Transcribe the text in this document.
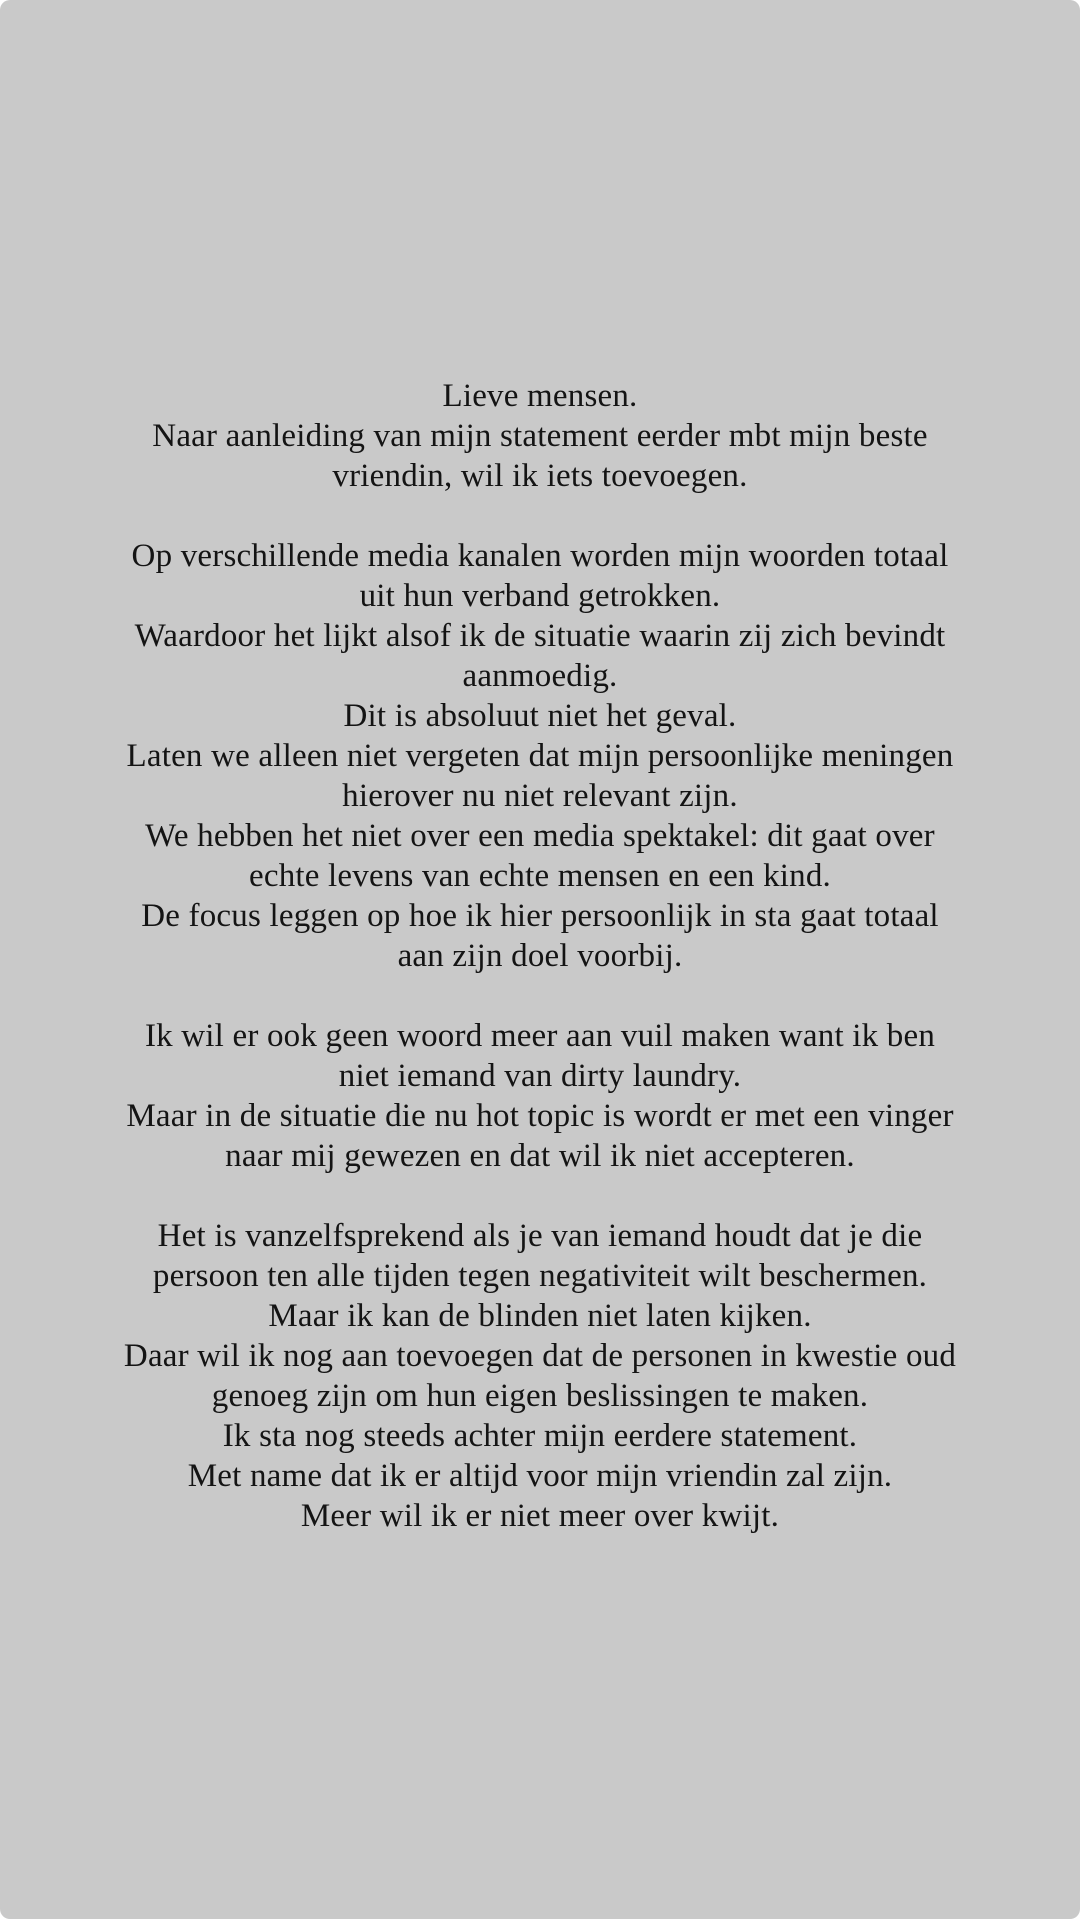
Lieve mensen.
Naar aanleiding van mijn statement eerder mbt mijn beste
vriendin, wil ik iets toevoegen.
Op verschillende media kanalen worden mijn woorden totaal
uit hun verband getrokken.
Waardoor het lijkt alsof ik de situatie waarin zij zich bevindt
aanmoedig.
Dit is absoluut niet het geval.
Laten we alleen niet vergeten dat mijn persoonlijke meningen
hierover nu niet relevant zijn.
We hebben het niet over een media spektakel: dit gaat over
echte levens van echte mensen en een kind.
De focus leggen op hoe ik hier persoonlijk in sta gaat totaal
aan zijn doel voorbij.
Ik wil er ook geen woord meer aan vuil maken want ik ben
niet iemand van dirty laundry.
Maar in de situatie die nu hot topic is wordt er met een vinger
naar mij gewezen en dat wil ik niet accepteren.
Het is vanzelfsprekend als je van iemand houdt dat je die
persoon ten alle tijden tegen negativiteit wilt beschermen.
Maar ik kan de blinden niet laten kijken.
Daar wil ik nog aan toevoegen dat de personen in kwestie oud
genoeg zijn om hun eigen beslissingen te maken.
Ik sta nog steeds achter mijn eerdere statement.
Met name dat ik er altijd voor mijn vriendin zal zijn.
Meer wil ik er niet meer over kwijt.
